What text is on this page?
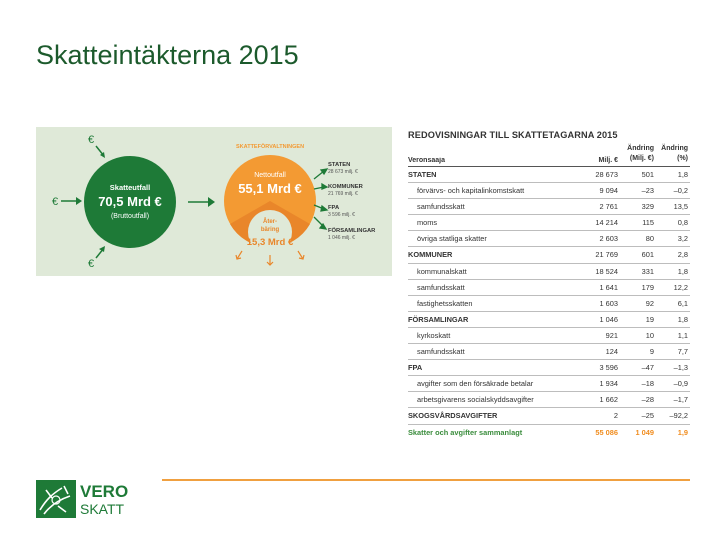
Skatteintäkterna 2015
€
€
€
Skatteutfall
70,5 Mrd €
(Bruttoutfall)
SKATTEFÖRVALTNINGEN
Nettoutfall
55,1 Mrd €
Åter-
bäring
15,3 Mrd €
STATEN
28 673 milj. €
KOMMUNER
21 769 milj. €
FPA
3 596 milj. €
FÖRSAMLINGAR
1 046 milj. €
REDOVISNINGAR TILL SKATTETAGARNA 2015
Veronsaaja	Milj. €
Ändring
(Milj. €)
Ändring
(%)
STATEN	28 673	501	1,8
förvärvs- och kapitalinkomstskatt	9 094	–23	–0,2
samfundsskatt	2 761	329	13,5
moms	14 214	115	0,8
övriga statliga skatter	2 603	80	3,2
KOMMUNER	21 769	601	2,8
kommunalskatt	18 524	331	1,8
samfundsskatt	1 641	179	12,2
fastighetsskatten	1 603	92	6,1
FÖRSAMLINGAR	1 046	19	1,8
kyrkoskatt	921	10	1,1
samfundsskatt	124	9	7,7
FPA	3 596	–47	–1,3
avgifter som den försäkrade betalar	1 934	–18	–0,9
arbetsgivarens socialskyddsavgifter	1 662	–28	–1,7
SKOGSVÅRDSAVGIFTER	2	–25	–92,2
Skatter och avgifter sammanlagt	55 086	1 049	1,9
VERO
SKATT
